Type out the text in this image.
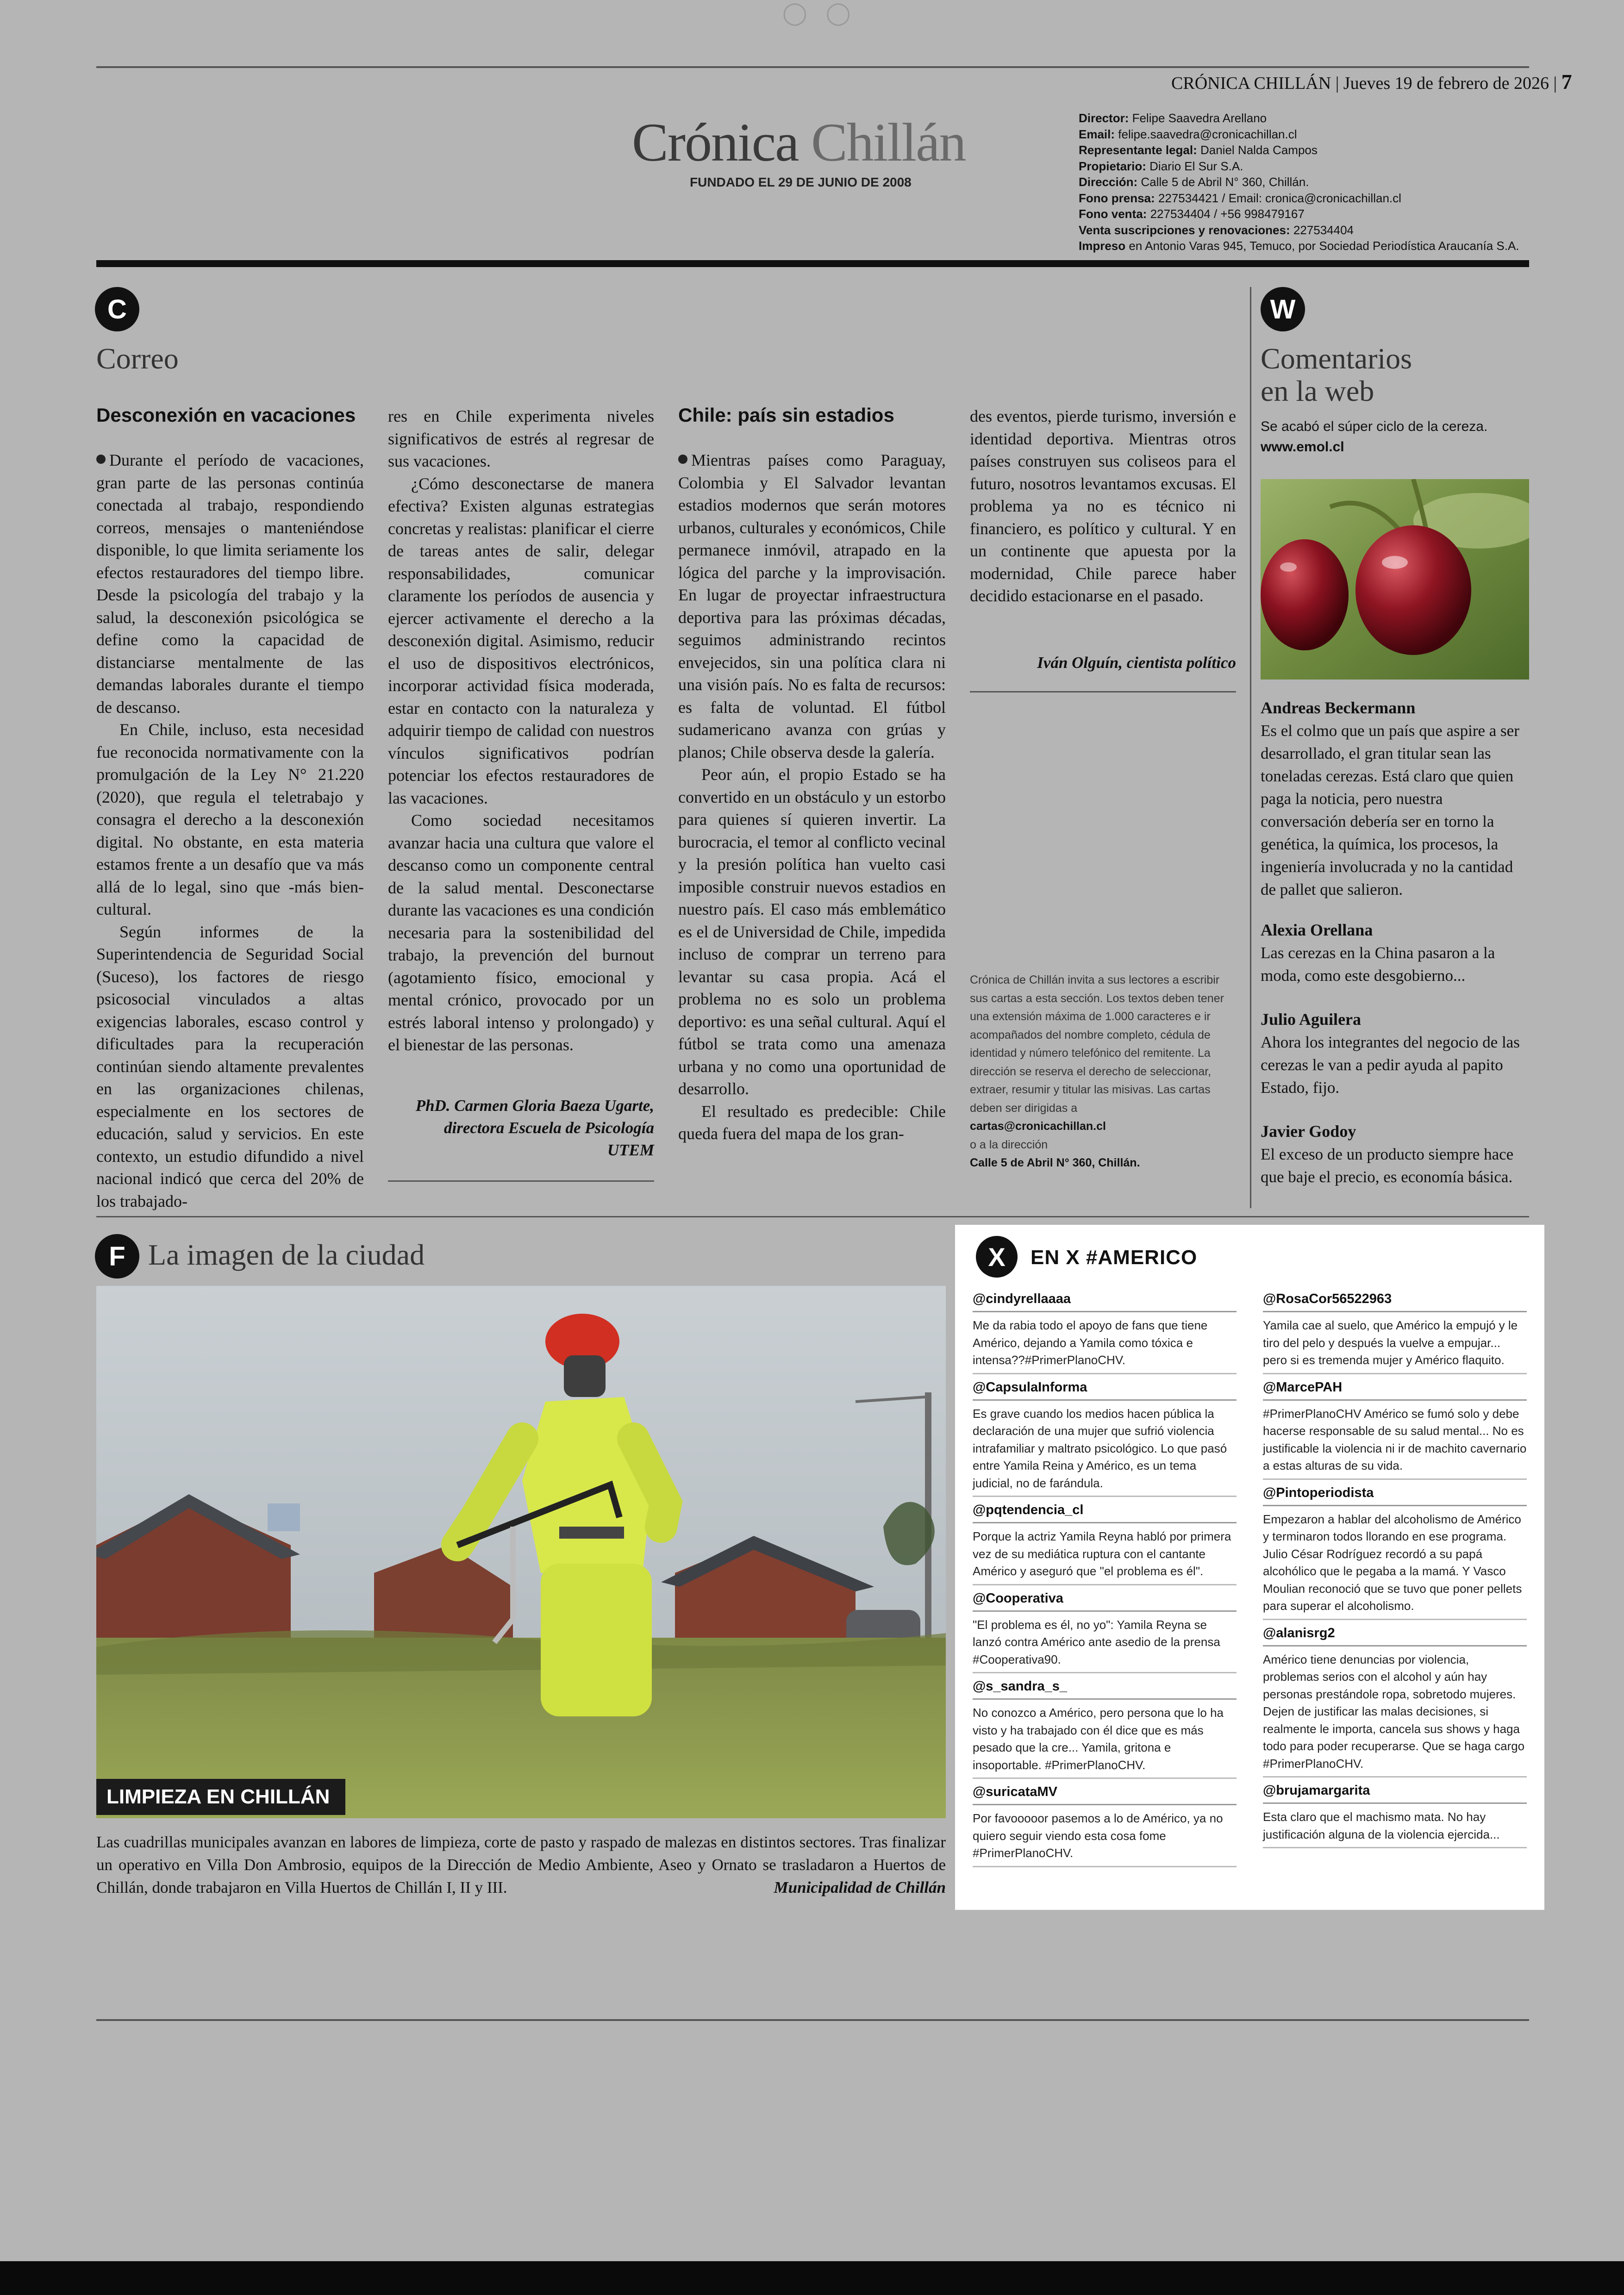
◯ ◯
CRÓNICA CHILLÁN | Jueves 19 de febrero de 2026 | 7
Crónica Chillán
FUNDADO EL 29 DE JUNIO DE 2008
Director: Felipe Saavedra Arellano
Email: felipe.saavedra@cronicachillan.cl
Representante legal: Daniel Nalda Campos
Propietario: Diario El Sur S.A.
Dirección: Calle 5 de Abril N° 360, Chillán.
Fono prensa: 227534421 / Email: cronica@cronicachillan.cl
Fono venta: 227534404 / +56 998479167
Venta suscripciones y renovaciones: 227534404
Impreso en Antonio Varas 945, Temuco, por Sociedad Periodística Araucanía S.A.
C
Correo
Desconexión en vacaciones

Durante el período de vacaciones, gran parte de las personas continúa conectada al trabajo, respondiendo correos, mensajes o manteniéndose disponible, lo que limita seriamente los efectos restauradores del tiempo libre. Desde la psicología del trabajo y la salud, la desconexión psicológica se define como la capacidad de distanciarse mentalmente de las demandas laborales durante el tiempo de descanso.

En Chile, incluso, esta necesidad fue reconocida normativamente con la promulgación de la Ley N° 21.220 (2020), que regula el teletrabajo y consagra el derecho a la desconexión digital. No obstante, en esta materia estamos frente a un desafío que va más allá de lo legal, sino que -más bien- cultural.

Según informes de la Superintendencia de Seguridad Social (Suceso), los factores de riesgo psicosocial vinculados a altas exigencias laborales, escaso control y dificultades para la recuperación continúan siendo altamente prevalentes en las organizaciones chilenas, especialmente en los sectores de educación, salud y servicios. En este contexto, un estudio difundido a nivel nacional indicó que cerca del 20% de los trabajado-

res en Chile experimenta niveles significativos de estrés al regresar de sus vacaciones.

¿Cómo desconectarse de manera efectiva? Existen algunas estrategias concretas y realistas: planificar el cierre de tareas antes de salir, delegar responsabilidades, comunicar claramente los períodos de ausencia y ejercer activamente el derecho a la desconexión digital. Asimismo, reducir el uso de dispositivos electrónicos, incorporar actividad física moderada, estar en contacto con la naturaleza y adquirir tiempo de calidad con nuestros vínculos significativos podrían potenciar los efectos restauradores de las vacaciones.

Como sociedad necesitamos avanzar hacia una cultura que valore el descanso como un componente central de la salud mental. Desconectarse durante las vacaciones es una condición necesaria para la sostenibilidad del trabajo, la prevención del burnout (agotamiento físico, emocional y mental crónico, provocado por un estrés laboral intenso y prolongado) y el bienestar de las personas.

PhD. Carmen Gloria Baeza Ugarte,
directora Escuela de Psicología
UTEM
Chile: país sin estadios

Mientras países como Paraguay, Colombia y El Salvador levantan estadios modernos que serán motores urbanos, culturales y económicos, Chile permanece inmóvil, atrapado en la lógica del parche y la improvisación. En lugar de proyectar infraestructura deportiva para las próximas décadas, seguimos administrando recintos envejecidos, sin una política clara ni una visión país. No es falta de recursos: es falta de voluntad. El fútbol sudamericano avanza con grúas y planos; Chile observa desde la galería.

Peor aún, el propio Estado se ha convertido en un obstáculo y un estorbo para quienes sí quieren invertir. La burocracia, el temor al conflicto vecinal y la presión política han vuelto casi imposible construir nuevos estadios en nuestro país. El caso más emblemático es el de Universidad de Chile, impedida incluso de comprar un terreno para levantar su casa propia. Acá el problema no es solo un problema deportivo: es una señal cultural. Aquí el fútbol se trata como una amenaza urbana y no como una oportunidad de desarrollo.

El resultado es predecible: Chile queda fuera del mapa de los gran-

des eventos, pierde turismo, inversión e identidad deportiva. Mientras otros países construyen sus coliseos para el futuro, nosotros levantamos excusas. El problema ya no es técnico ni financiero, es político y cultural. Y en un continente que apuesta por la modernidad, Chile parece haber decidido estacionarse en el pasado.

Iván Olguín, cientista político
Crónica de Chillán invita a sus lectores a escribir sus cartas a esta sección. Los textos deben tener una extensión máxima de 1.000 caracteres e ir acompañados del nombre completo, cédula de identidad y número telefónico del remitente. La dirección se reserva el derecho de seleccionar, extraer, resumir y titular las misivas. Las cartas deben ser dirigidas a
cartas@cronicachillan.cl
o a la dirección
Calle 5 de Abril N° 360, Chillán.
W
Comentarios
en la web
Se acabó el súper ciclo de la cereza.
www.emol.cl
Andreas Beckermann
Es el colmo que un país que aspire a ser desarrollado, el gran titular sean las toneladas cerezas. Está claro que quien paga la noticia, pero nuestra conversación debería ser en torno la genética, la química, los procesos, la ingeniería involucrada y no la cantidad de pallet que salieron.
Alexia Orellana
Las cerezas en la China pasaron a la moda, como este desgobierno...
Julio Aguilera
Ahora los integrantes del negocio de las cerezas le van a pedir ayuda al papito Estado, fijo.
Javier Godoy
El exceso de un producto siempre hace que baje el precio, es economía básica.
F La imagen de la ciudad
LIMPIEZA EN CHILLÁN
Las cuadrillas municipales avanzan en labores de limpieza, corte de pasto y raspado de malezas en distintos sectores. Tras finalizar un operativo en Villa Don Ambrosio, equipos de la Dirección de Medio Ambiente, Aseo y Ornato se trasladaron a Huertos de Chillán, donde trabajaron en Villa Huertos de Chillán I, II y III.	Municipalidad de Chillán
X	EN X #AMERICO
@cindyrellaaaa
Me da rabia todo el apoyo de fans que tiene Américo, dejando a Yamila como tóxica e intensa??#PrimerPlanoCHV.
@CapsulaInforma
Es grave cuando los medios hacen pública la declaración de una mujer que sufrió violencia intrafamiliar y maltrato psicológico. Lo que pasó entre Yamila Reina y Américo, es un tema judicial, no de farándula.
@pqtendencia_cl
Porque la actriz Yamila Reyna habló por primera vez de su mediática ruptura con el cantante Américo y aseguró que "el problema es él".
@Cooperativa
"El problema es él, no yo": Yamila Reyna se lanzó contra Américo ante asedio de la prensa #Cooperativa90.
@s_sandra_s_
No conozco a Américo, pero persona que lo ha visto y ha trabajado con él dice que es más pesado que la cre... Yamila, gritona e insoportable. #PrimerPlanoCHV.
@suricataMV
Por favooooor pasemos a lo de Américo, ya no quiero seguir viendo esta cosa fome #PrimerPlanoCHV.
@RosaCor56522963
Yamila cae al suelo, que Américo la empujó y le tiro del pelo y después la vuelve a empujar... pero si es tremenda mujer y Américo flaquito.
@MarcePAH
#PrimerPlanoCHV Américo se fumó solo y debe hacerse responsable de su salud mental... No es justificable la violencia ni ir de machito cavernario a estas alturas de su vida.
@Pintoperiodista
Empezaron a hablar del alcoholismo de Américo y terminaron todos llorando en ese programa. Julio César Rodríguez recordó a su papá alcohólico que le pegaba a la mamá. Y Vasco Moulian reconoció que se tuvo que poner pellets para superar el alcoholismo.
@alanisrg2
Américo tiene denuncias por violencia, problemas serios con el alcohol y aún hay personas prestándole ropa, sobretodo mujeres. Dejen de justificar las malas decisiones, si realmente le importa, cancela sus shows y haga todo para poder recuperarse. Que se haga cargo #PrimerPlanoCHV.
@brujamargarita
Esta claro que el machismo mata. No hay justificación alguna de la violencia ejercida...
